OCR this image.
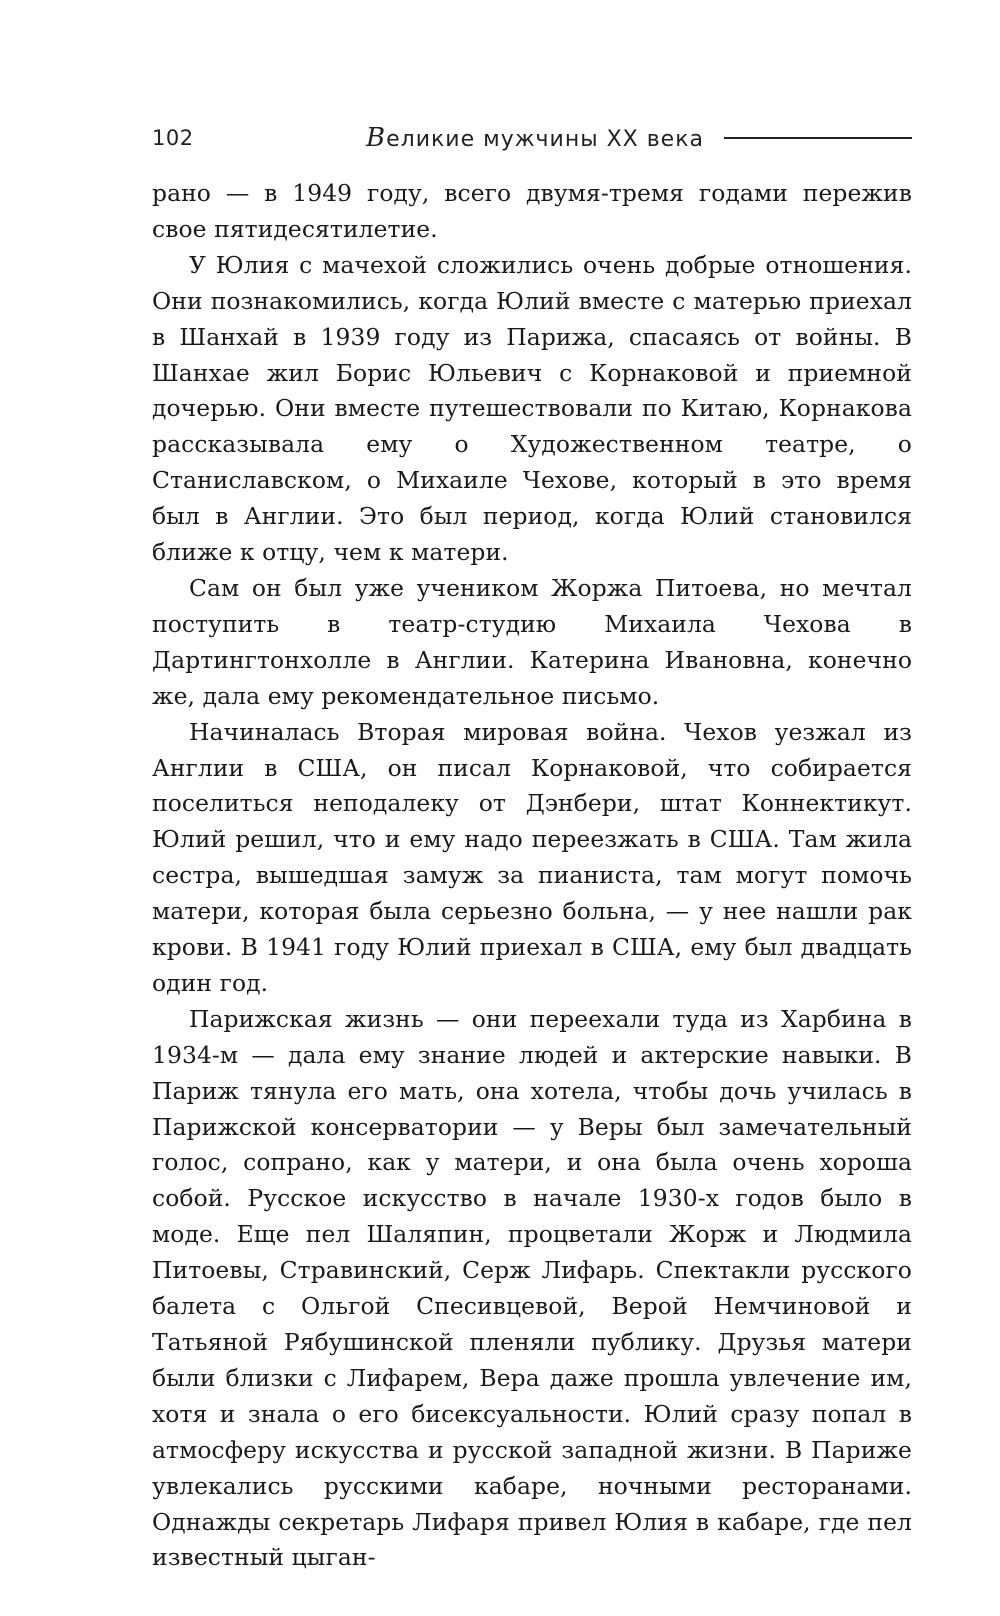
102	Великие мужчины XX века

рано — в 1949 году, всего двумя-тремя годами пережив свое пятидесятилетие.

У Юлия с мачехой сложились очень добрые отношения. Они познакомились, когда Юлий вместе с матерью приехал в Шанхай в 1939 году из Парижа, спасаясь от войны. В Шанхае жил Борис Юльевич с Корнаковой и приемной дочерью. Они вместе путешествовали по Китаю, Корнакова рассказывала ему о Художественном театре, о Станиславском, о Михаиле Чехове, который в это время был в Англии. Это был период, когда Юлий становился ближе к отцу, чем к матери.

Сам он был уже учеником Жоржа Питоева, но мечтал поступить в театр-студию Михаила Чехова в Дартингтонхолле в Англии. Катерина Ивановна, конечно же, дала ему рекомендательное письмо.

Начиналась Вторая мировая война. Чехов уезжал из Англии в США, он писал Корнаковой, что собирается поселиться неподалеку от Дэнбери, штат Коннектикут. Юлий решил, что и ему надо переезжать в США. Там жила сестра, вышедшая замуж за пианиста, там могут помочь матери, которая была серьезно больна, — у нее нашли рак крови. В 1941 году Юлий приехал в США, ему был двадцать один год.

Парижская жизнь — они переехали туда из Харбина в 1934-м — дала ему знание людей и актерские навыки. В Париж тянула его мать, она хотела, чтобы дочь училась в Парижской консерватории — у Веры был замечательный голос, сопрано, как у матери, и она была очень хороша собой. Русское искусство в начале 1930-х годов было в моде. Еще пел Шаляпин, процветали Жорж и Людмила Питоевы, Стравинский, Серж Лифарь. Спектакли русского балета с Ольгой Спесивцевой, Верой Немчиновой и Татьяной Рябушинской пленяли публику. Друзья матери были близки с Лифарем, Вера даже прошла увлечение им, хотя и знала о его бисексуальности. Юлий сразу попал в атмосферу искусства и русской западной жизни. В Париже увлекались русскими кабаре, ночными ресторанами. Однажды секретарь Лифаря привел Юлия в кабаре, где пел известный цыган-
